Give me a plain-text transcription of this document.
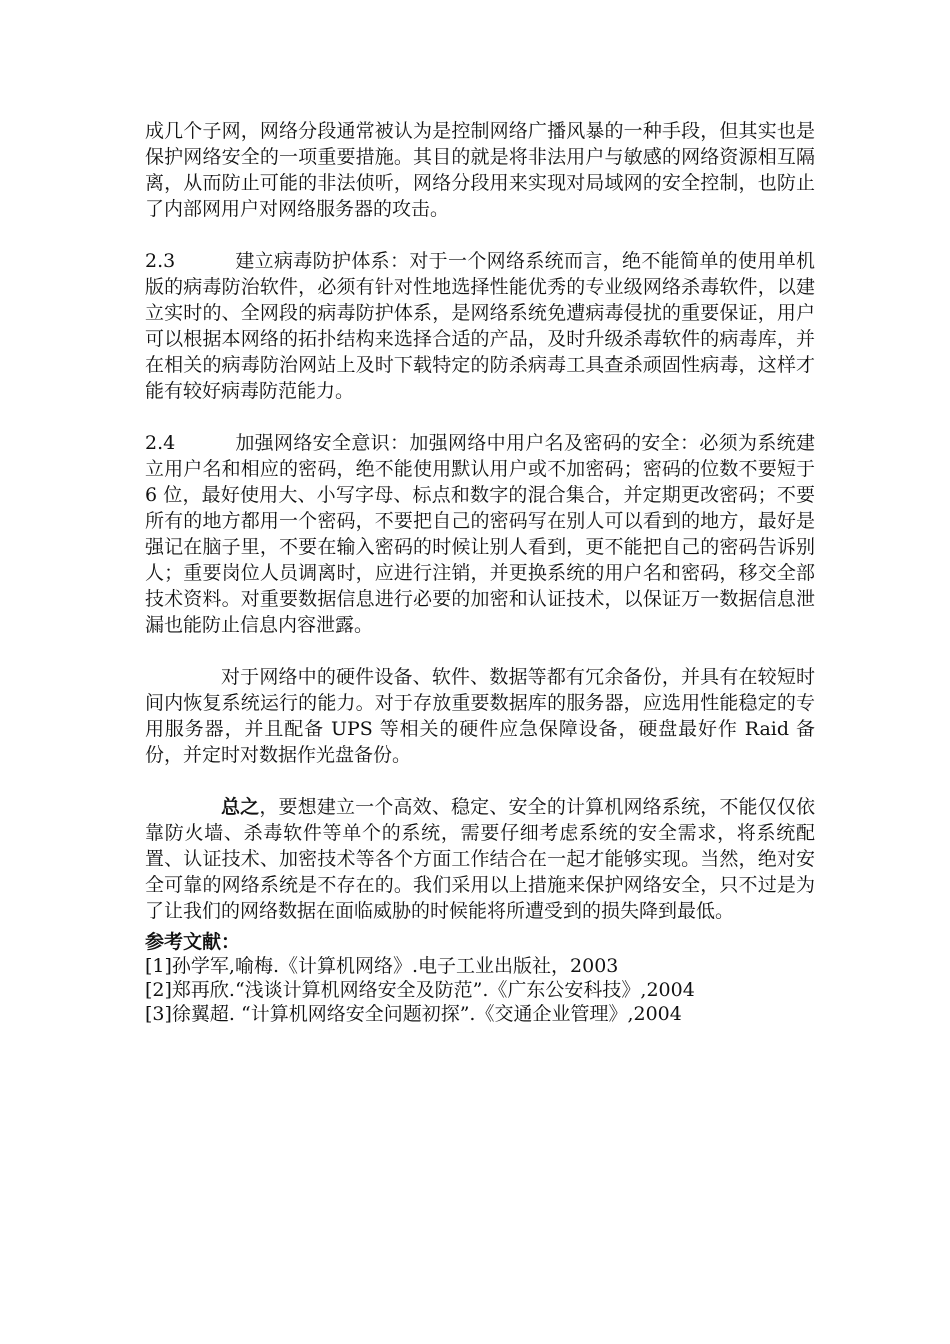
成几个子网，网络分段通常被认为是控制网络广播风暴的一种手段，但其实也是保护网络安全的一项重要措施。其目的就是将非法用户与敏感的网络资源相互隔离，从而防止可能的非法侦听，网络分段用来实现对局域网的安全控制，也防止了内部网用户对网络服务器的攻击。

2.3	建立病毒防护体系：对于一个网络系统而言，绝不能简单的使用单机版的病毒防治软件，必须有针对性地选择性能优秀的专业级网络杀毒软件，以建立实时的、全网段的病毒防护体系，是网络系统免遭病毒侵扰的重要保证，用户可以根据本网络的拓扑结构来选择合适的产品，及时升级杀毒软件的病毒库，并在相关的病毒防治网站上及时下载特定的防杀病毒工具查杀顽固性病毒，这样才能有较好病毒防范能力。

2.4	加强网络安全意识：加强网络中用户名及密码的安全：必须为系统建立用户名和相应的密码，绝不能使用默认用户或不加密码；密码的位数不要短于 6 位，最好使用大、小写字母、标点和数字的混合集合，并定期更改密码；不要所有的地方都用一个密码，不要把自己的密码写在别人可以看到的地方，最好是强记在脑子里，不要在输入密码的时候让别人看到，更不能把自己的密码告诉别人；重要岗位人员调离时，应进行注销，并更换系统的用户名和密码，移交全部技术资料。对重要数据信息进行必要的加密和认证技术，以保证万一数据信息泄漏也能防止信息内容泄露。

对于网络中的硬件设备、软件、数据等都有冗余备份，并具有在较短时间内恢复系统运行的能力。对于存放重要数据库的服务器，应选用性能稳定的专用服务器，并且配备 UPS 等相关的硬件应急保障设备，硬盘最好作 Raid 备份，并定时对数据作光盘备份。

总之，要想建立一个高效、稳定、安全的计算机网络系统，不能仅仅依靠防火墙、杀毒软件等单个的系统，需要仔细考虑系统的安全需求，将系统配置、认证技术、加密技术等各个方面工作结合在一起才能够实现。当然，绝对安全可靠的网络系统是不存在的。我们采用以上措施来保护网络安全，只不过是为了让我们的网络数据在面临威胁的时候能将所遭受到的损失降到最低。

参考文献：
[1]孙学军,喻梅.《计算机网络》.电子工业出版社，2003
[2]郑再欣.“浅谈计算机网络安全及防范”.《广东公安科技》,2004
[3]徐翼超. “计算机网络安全问题初探”.《交通企业管理》,2004
